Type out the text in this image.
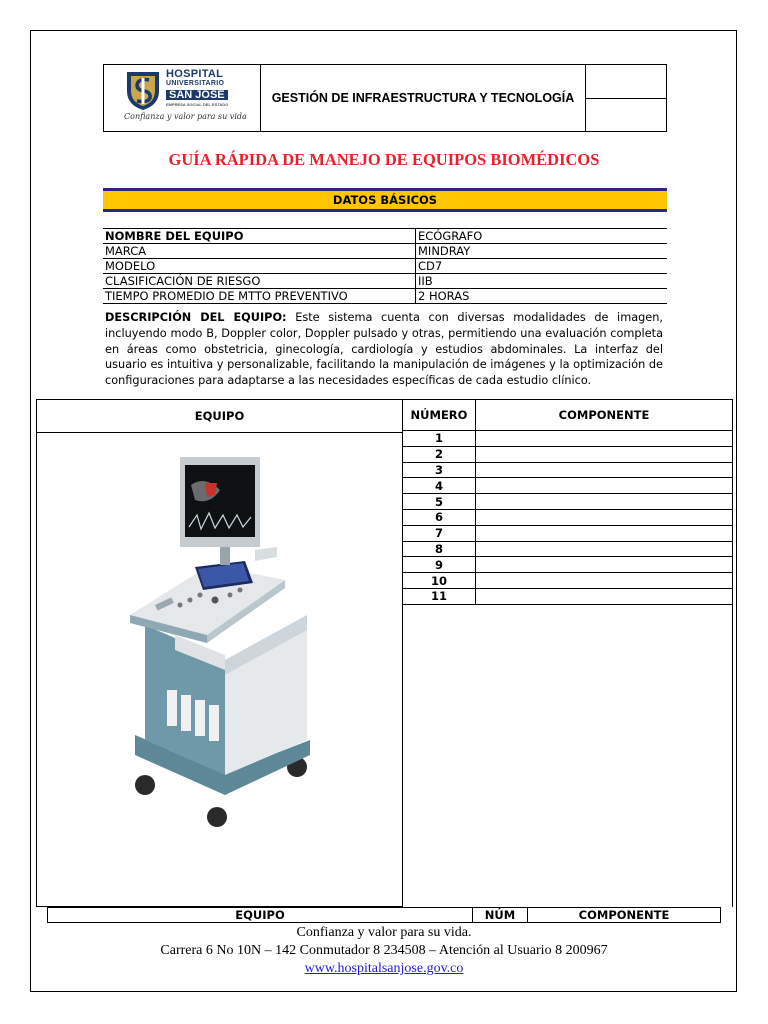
HOSPITAL
UNIVERSITARIO
SAN JOSE
EMPRESA SOCIAL DEL ESTADO
Confianza y valor para su vida
GESTIÓN DE INFRAESTRUCTURA Y TECNOLOGÍA
GUÍA RÁPIDA DE MANEJO DE EQUIPOS BIOMÉDICOS
DATOS BÁSICOS
NOMBRE DEL EQUIPO	ECÓGRAFO
MARCA	MINDRAY
MODELO	CD7
CLASIFICACIÓN DE RIESGO	IIB
TIEMPO PROMEDIO DE MTTO PREVENTIVO	2 HORAS
DESCRIPCIÓN DEL EQUIPO: Este sistema cuenta con diversas modalidades de imagen, incluyendo modo B, Doppler color, Doppler pulsado y otras, permitiendo una evaluación completa en áreas como obstetricia, ginecología, cardiología y estudios abdominales. La interfaz del usuario es intuitiva y personalizable, facilitando la manipulación de imágenes y la optimización de configuraciones para adaptarse a las necesidades específicas de cada estudio clínico.
EQUIPO	NÚMERO	COMPONENTE
1	
2	
3	
4	
5	
6	
7	
8	
9	
10	
11	
EQUIPO	NÚM	COMPONENTE
Confianza y valor para su vida.
Carrera 6 No 10N – 142 Conmutador 8 234508 – Atención al Usuario 8 200967
www.hospitalsanjose.gov.co
